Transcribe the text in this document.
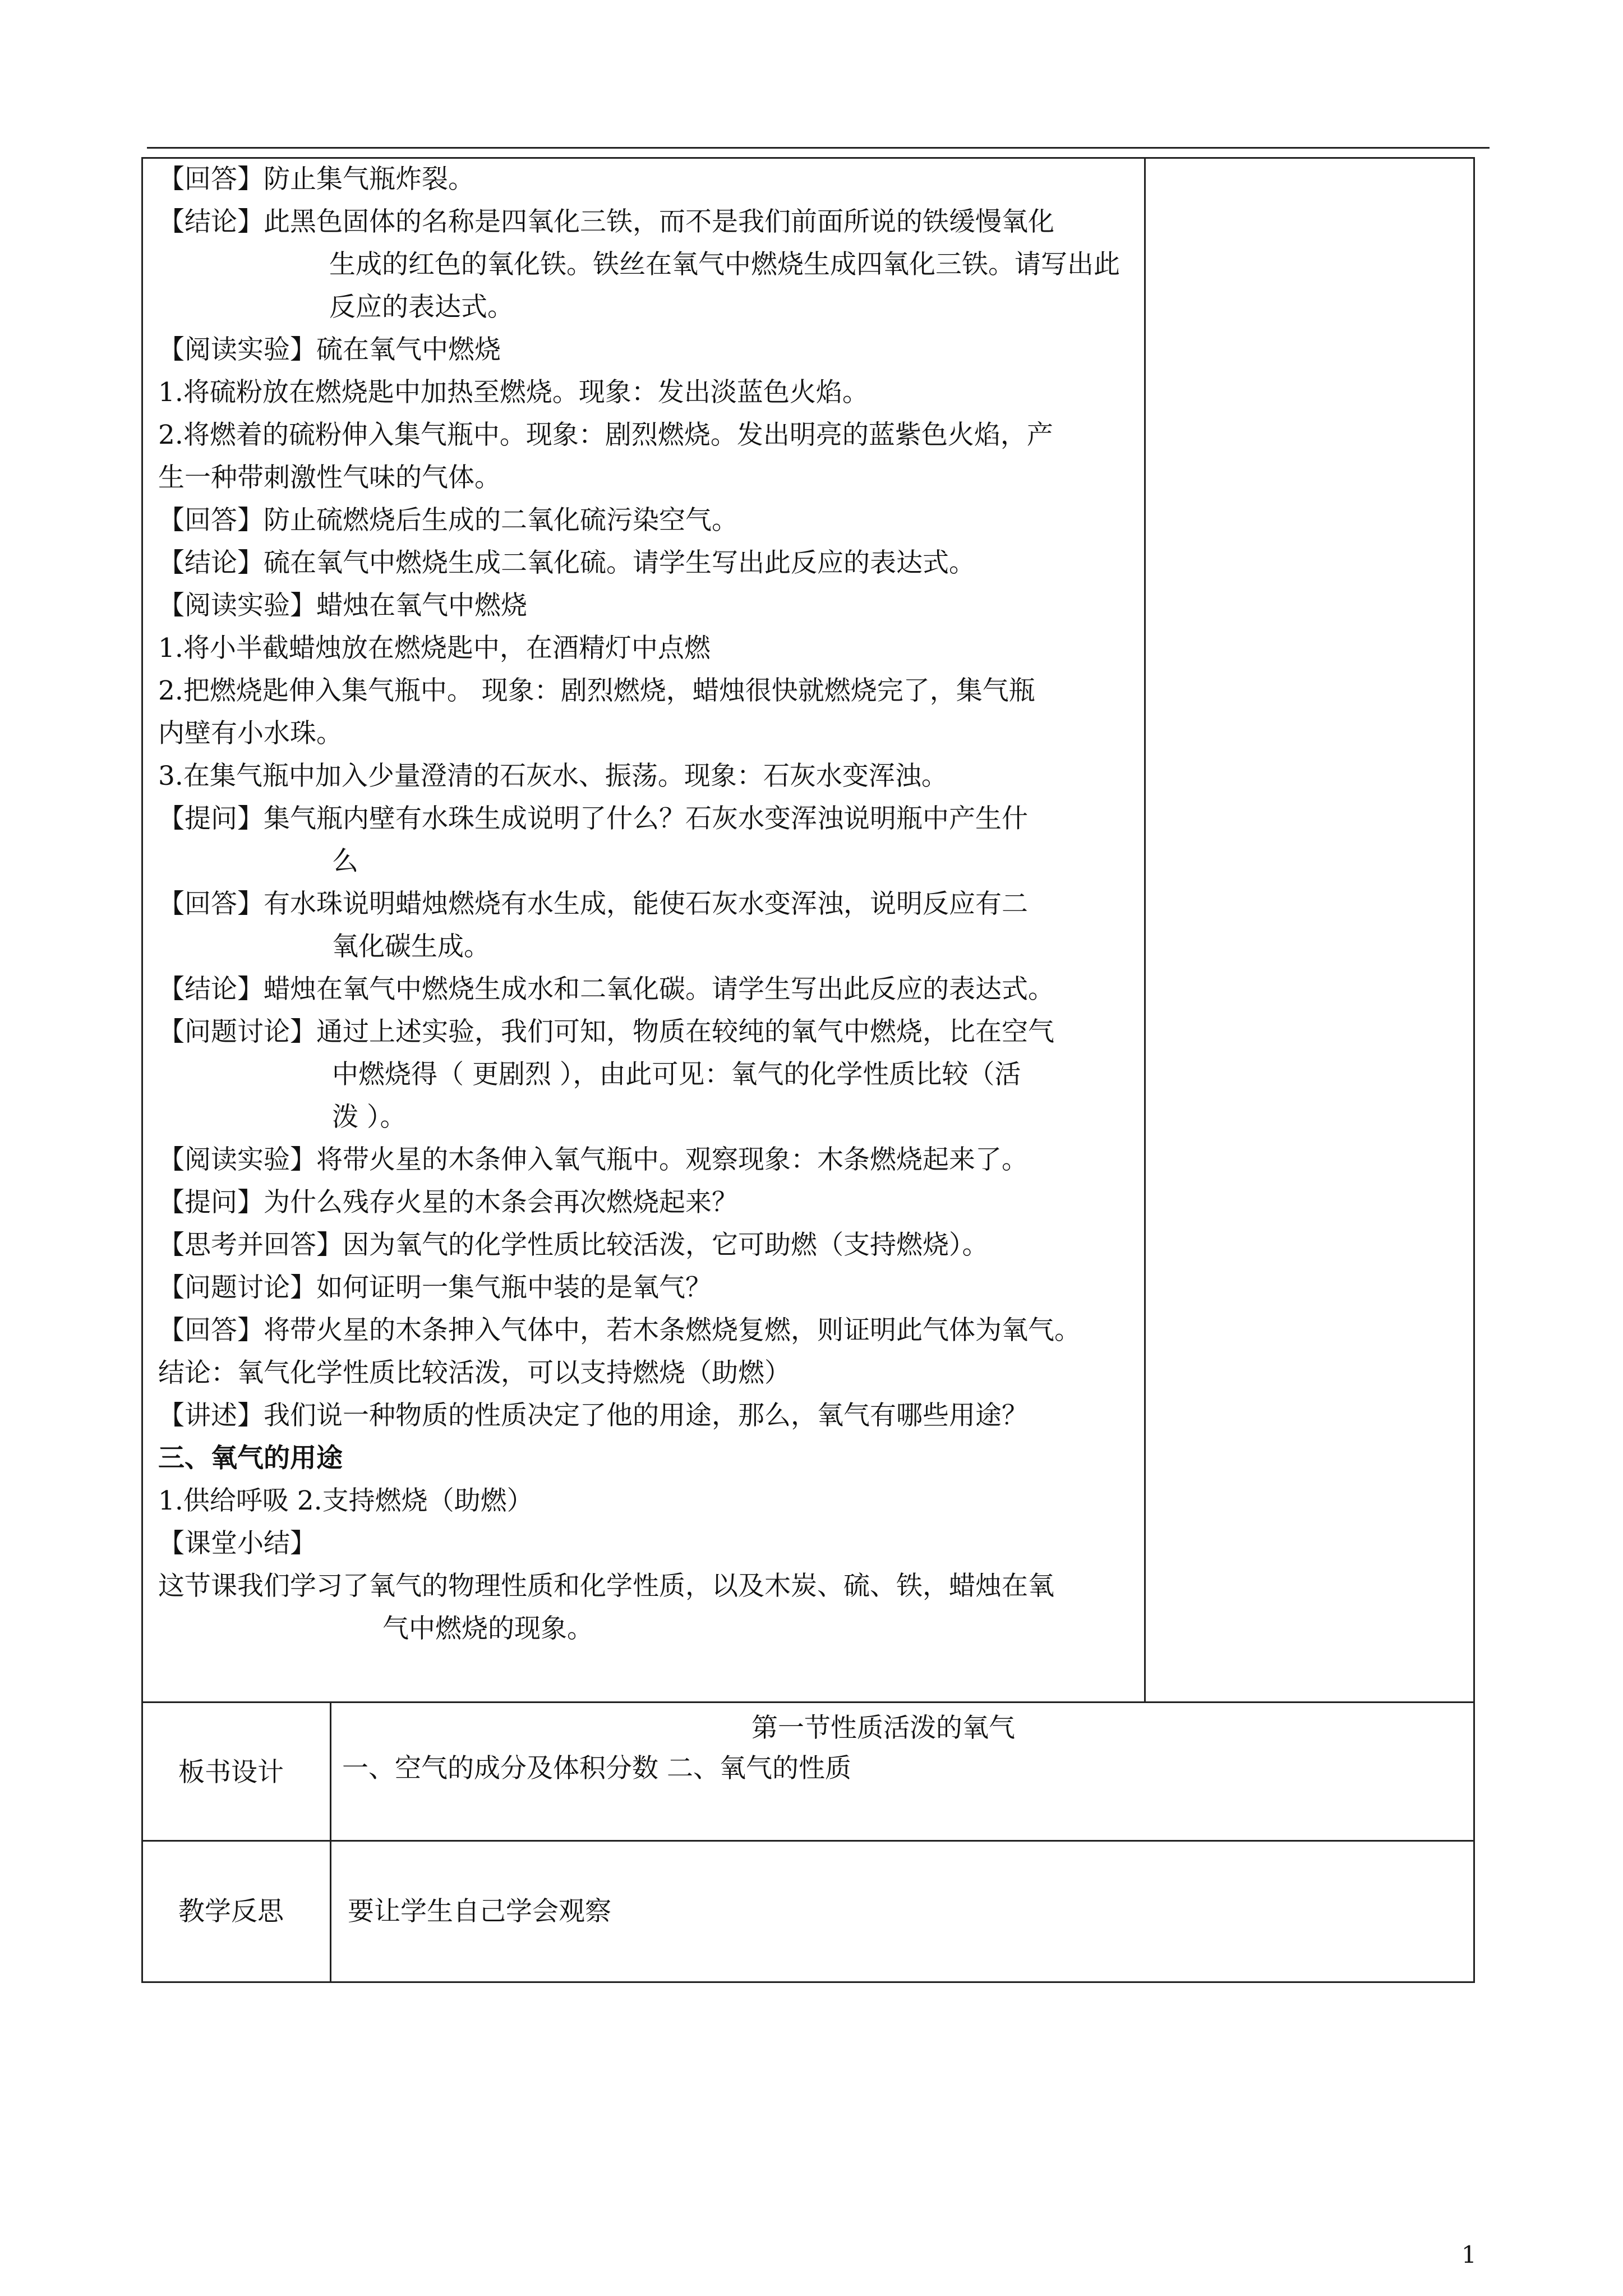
【回答】防止集气瓶炸裂。
【结论】此黑色固体的名称是四氧化三铁，而不是我们前面所说的铁缓慢氧化
生成的红色的氧化铁。铁丝在氧气中燃烧生成四氧化三铁。请写出此
反应的表达式。
【阅读实验】硫在氧气中燃烧
1.将硫粉放在燃烧匙中加热至燃烧。现象：发出淡蓝色火焰。
2.将燃着的硫粉伸入集气瓶中。现象：剧烈燃烧。发出明亮的蓝紫色火焰，产
生一种带刺激性气味的气体。
【回答】防止硫燃烧后生成的二氧化硫污染空气。
【结论】硫在氧气中燃烧生成二氧化硫。请学生写出此反应的表达式。
【阅读实验】蜡烛在氧气中燃烧
1.将小半截蜡烛放在燃烧匙中，在酒精灯中点燃
2.把燃烧匙伸入集气瓶中。 现象：剧烈燃烧，蜡烛很快就燃烧完了，集气瓶
内壁有小水珠。
3.在集气瓶中加入少量澄清的石灰水、振荡。现象：石灰水变浑浊。
【提问】集气瓶内壁有水珠生成说明了什么？石灰水变浑浊说明瓶中产生什
么
【回答】有水珠说明蜡烛燃烧有水生成，能使石灰水变浑浊，说明反应有二
氧化碳生成。
【结论】蜡烛在氧气中燃烧生成水和二氧化碳。请学生写出此反应的表达式。
【问题讨论】通过上述实验，我们可知，物质在较纯的氧气中燃烧，比在空气
中燃烧得（ 更剧烈 ），由此可见：氧气的化学性质比较（活
泼 ）。
【阅读实验】将带火星的木条伸入氧气瓶中。观察现象：木条燃烧起来了。
【提问】为什么残存火星的木条会再次燃烧起来？
【思考并回答】因为氧气的化学性质比较活泼，它可助燃（支持燃烧）。
【问题讨论】如何证明一集气瓶中装的是氧气？
【回答】将带火星的木条抻入气体中，若木条燃烧复燃，则证明此气体为氧气。
结论：氧气化学性质比较活泼，可以支持燃烧（助燃）
【讲述】我们说一种物质的性质决定了他的用途，那么，氧气有哪些用途？
三、氧气的用途
1.供给呼吸 2.支持燃烧（助燃）
【课堂小结】
这节课我们学习了氧气的物理性质和化学性质，以及木炭、硫、铁，蜡烛在氧
气中燃烧的现象。
板书设计
第一节性质活泼的氧气
一、空气的成分及体积分数 二、氧气的性质
教学反思 要让学生自己学会观察
1
